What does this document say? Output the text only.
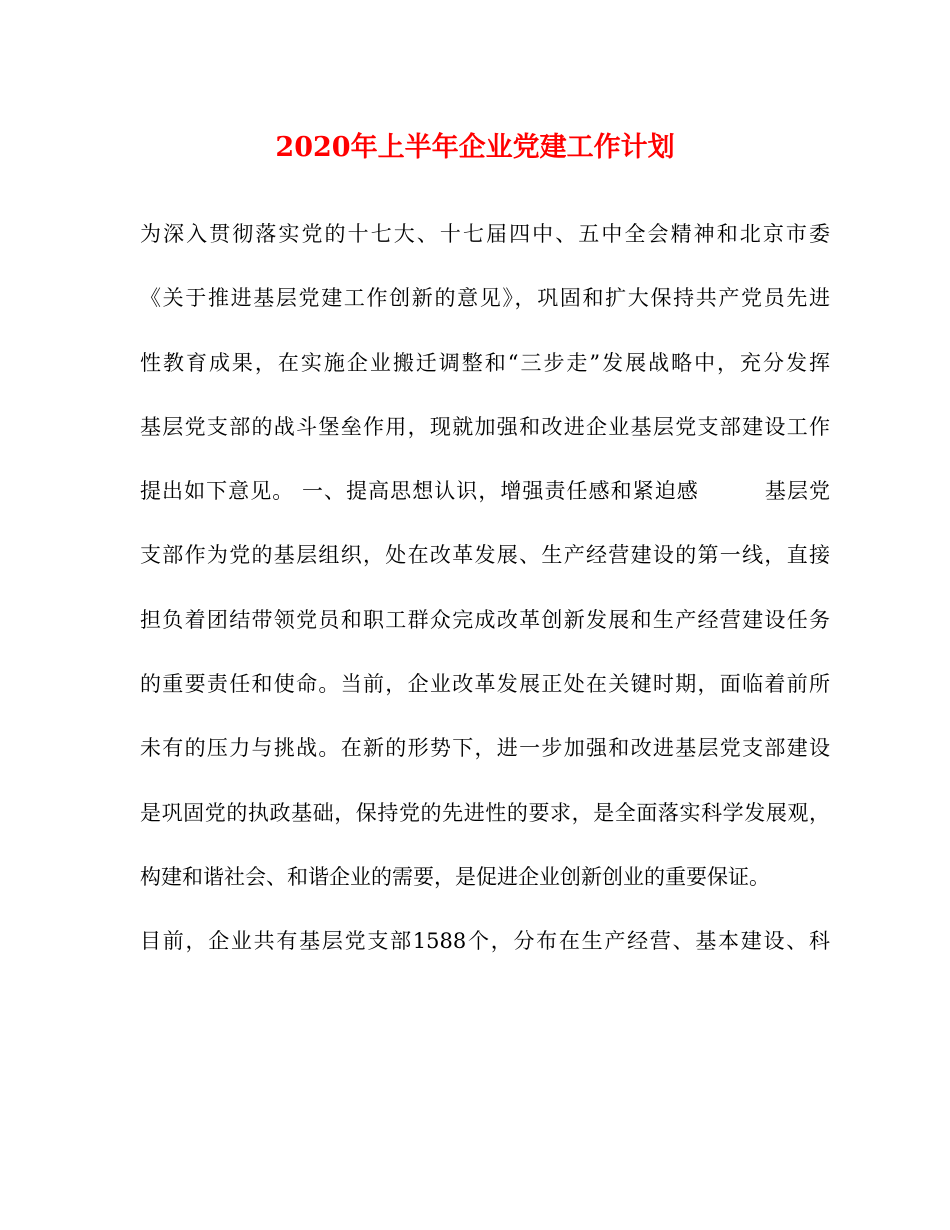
2020年上半年企业党建工作计划
为深入贯彻落实党的十七大、十七届四中、五中全会精神和北京市委
《关于推进基层党建工作创新的意见》，巩固和扩大保持共产党员先进
性教育成果，在实施企业搬迁调整和“三步走”发展战略中，充分发挥
基层党支部的战斗堡垒作用，现就加强和改进企业基层党支部建设工作
提出如下意见。 一、提高思想认识，增强责任感和紧迫感　　　基层党
支部作为党的基层组织，处在改革发展、生产经营建设的第一线，直接
担负着团结带领党员和职工群众完成改革创新发展和生产经营建设任务
的重要责任和使命。当前，企业改革发展正处在关键时期，面临着前所
未有的压力与挑战。在新的形势下，进一步加强和改进基层党支部建设
是巩固党的执政基础，保持党的先进性的要求，是全面落实科学发展观，
构建和谐社会、和谐企业的需要，是促进企业创新创业的重要保证。
目前，企业共有基层党支部1588个，分布在生产经营、基本建设、科
